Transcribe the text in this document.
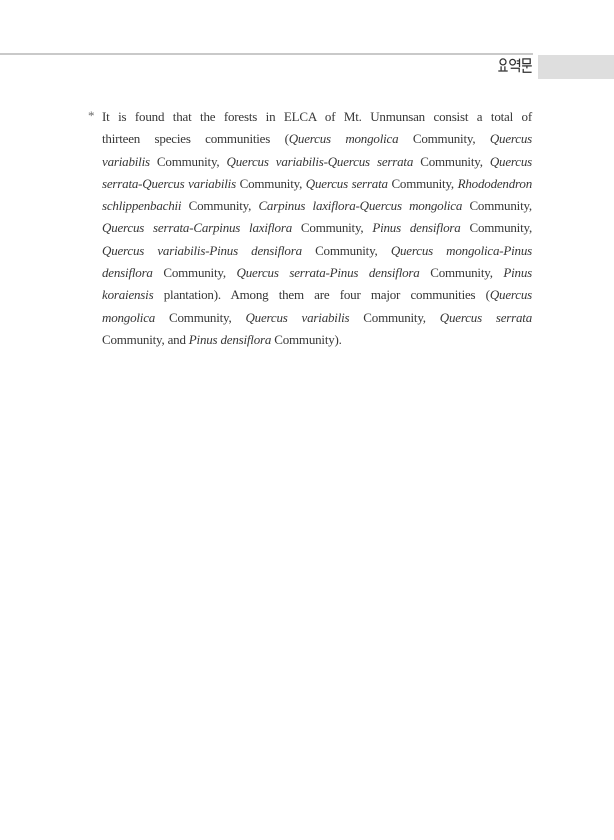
* It is found that the forests in ELCA of Mt. Unmunsan consist a total of
thirteen species communities (Quercus mongolica Community, Quercus
variabilis Community, Quercus variabilis-Quercus serrata Community, Quercus
serrata-Quercus variabilis Community, Quercus serrata Community, Rhododendron
schlippenbachii Community, Carpinus laxiflora-Quercus mongolica Community,
Quercus serrata-Carpinus laxiflora Community, Pinus densiflora Community,
Quercus variabilis-Pinus densiflora Community, Quercus mongolica-Pinus
densiflora Community, Quercus serrata-Pinus densiflora Community, Pinus
koraiensis plantation). Among them are four major communities (Quercus
mongolica Community, Quercus variabilis Community, Quercus serrata
Community, and Pinus densiflora Community).
